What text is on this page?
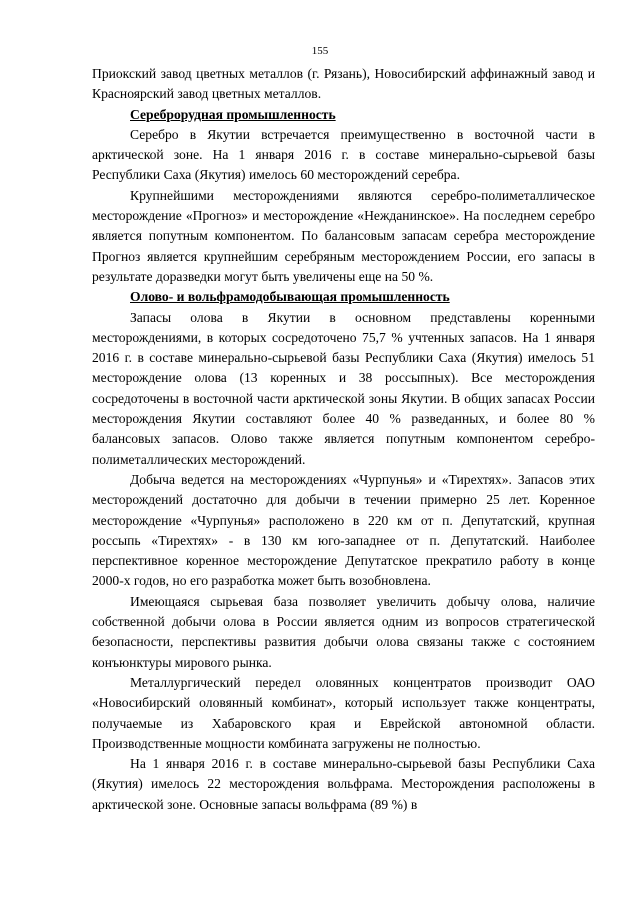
155

Приокский завод цветных металлов (г. Рязань), Новосибирский аффинажный завод и Красноярский завод цветных металлов.

Сереброрудная промышленность

Серебро в Якутии встречается преимущественно в восточной части в арктической зоне. На 1 января 2016 г. в составе минерально-сырьевой базы Республики Саха (Якутия) имелось 60 месторождений серебра.

Крупнейшими месторождениями являются серебро-полиметаллическое месторождение «Прогноз» и месторождение «Нежданинское». На последнем серебро является попутным компонентом. По балансовым запасам серебра месторождение Прогноз является крупнейшим серебряным месторождением России, его запасы в результате доразведки могут быть увеличены еще на 50 %.

Олово- и вольфрамодобывающая промышленность

Запасы олова в Якутии в основном представлены коренными месторождениями, в которых сосредоточено 75,7 % учтенных запасов. На 1 января 2016 г. в составе минерально-сырьевой базы Республики Саха (Якутия) имелось 51 месторождение олова (13 коренных и 38 россыпных). Все месторождения сосредоточены в восточной части арктической зоны Якутии. В общих запасах России месторождения Якутии составляют более 40 % разведанных, и более 80 % балансовых запасов. Олово также является попутным компонентом серебро-полиметаллических месторождений.

Добыча ведется на месторождениях «Чурпунья» и «Тирехтях». Запасов этих месторождений достаточно для добычи в течении примерно 25 лет. Коренное месторождение «Чурпунья» расположено в 220 км от п. Депутатский, крупная россыпь «Тирехтях» - в 130 км юго-западнее от п. Депутатский. Наиболее перспективное коренное месторождение Депутатское прекратило работу в конце 2000-х годов, но его разработка может быть возобновлена.

Имеющаяся сырьевая база позволяет увеличить добычу олова, наличие собственной добычи олова в России является одним из вопросов стратегической безопасности, перспективы развития добычи олова связаны также с состоянием конъюнктуры мирового рынка.

Металлургический передел оловянных концентратов производит ОАО «Новосибирский оловянный комбинат», который использует также концентраты, получаемые из Хабаровского края и Еврейской автономной области. Производственные мощности комбината загружены не полностью.

На 1 января 2016 г. в составе минерально-сырьевой базы Республики Саха (Якутия) имелось 22 месторождения вольфрама. Месторождения расположены в арктической зоне. Основные запасы вольфрама (89 %) в
